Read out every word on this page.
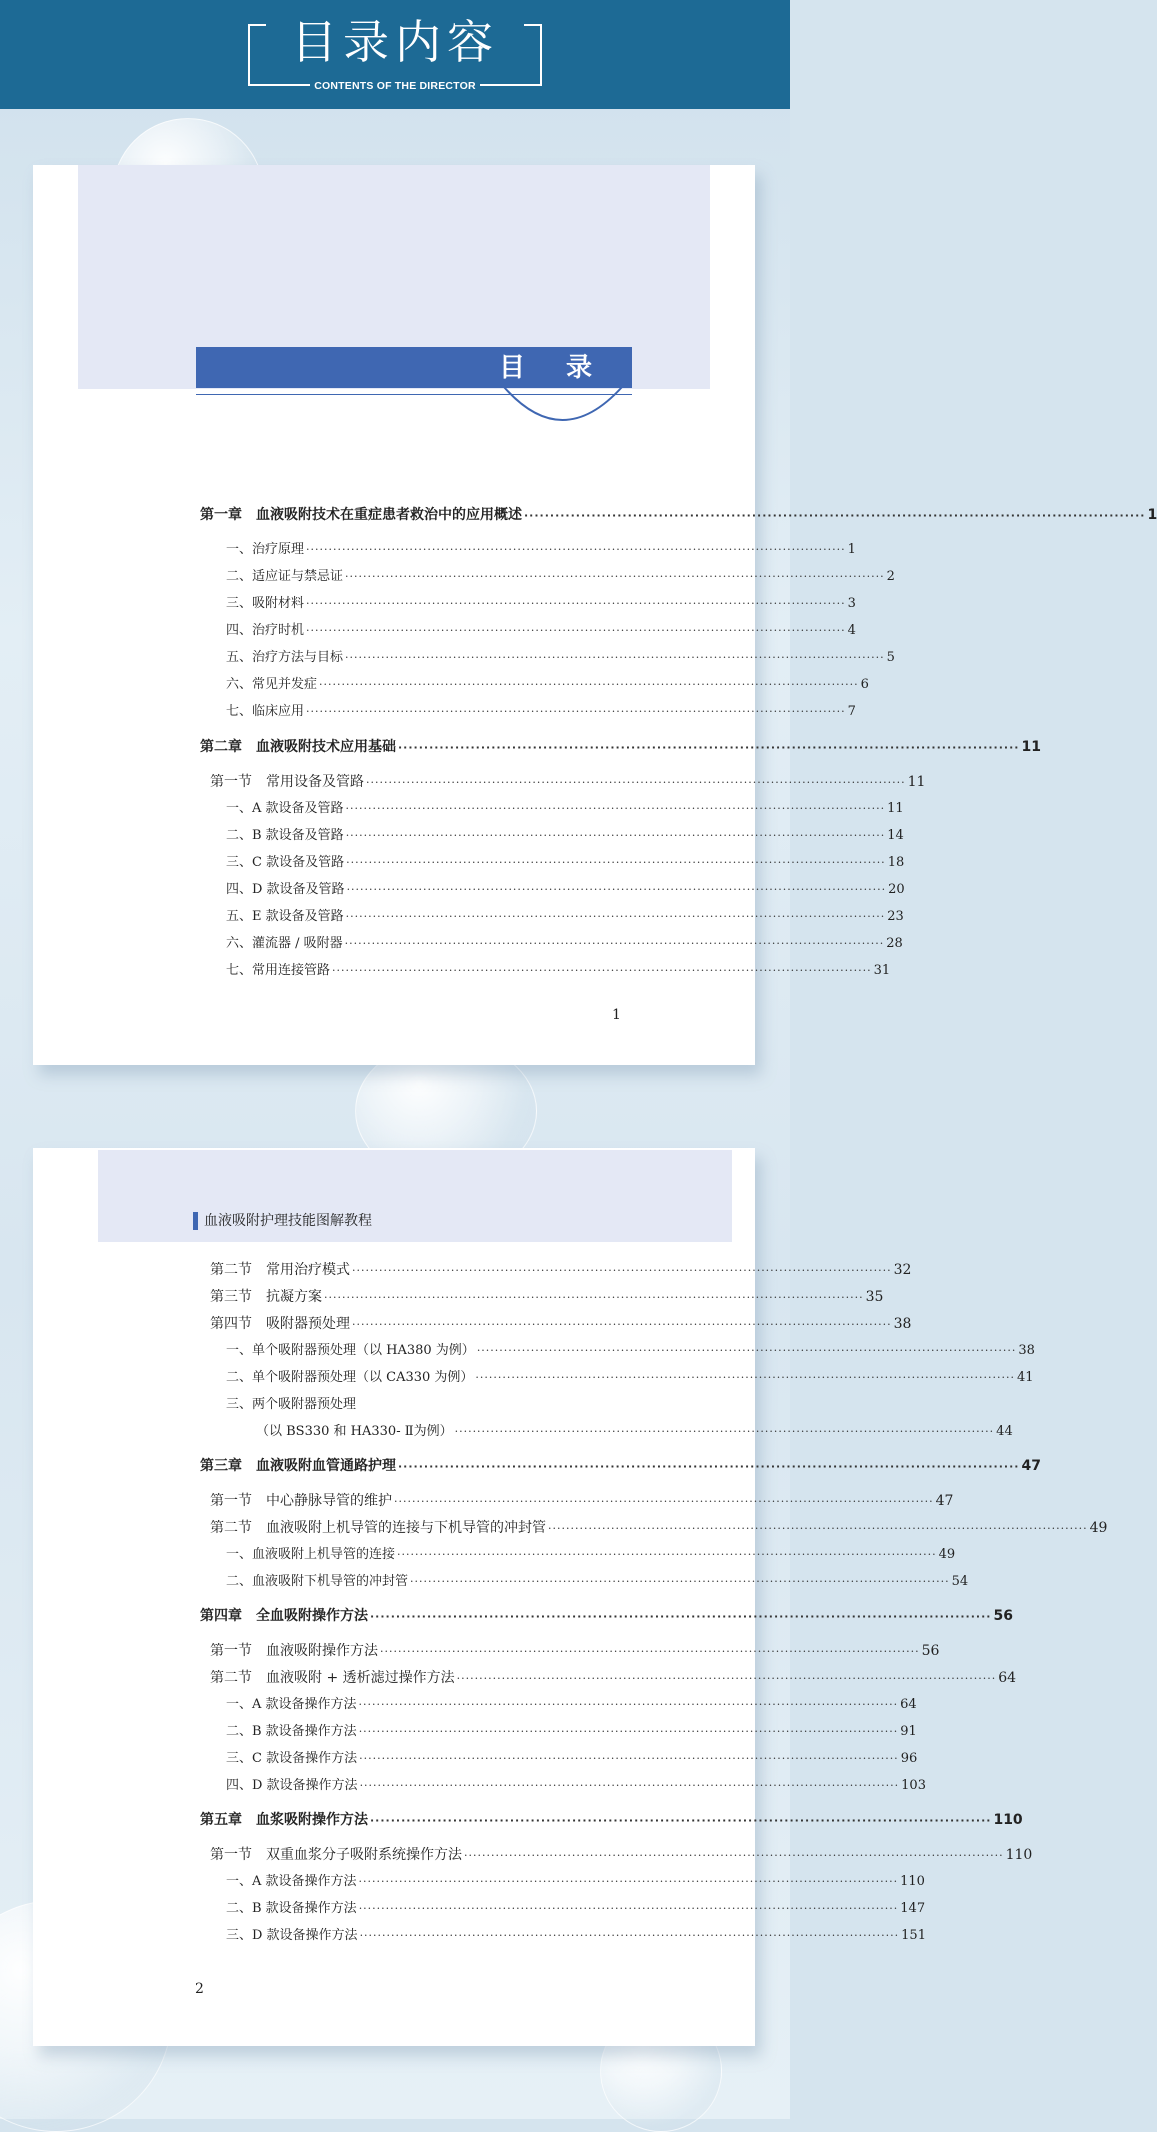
目录内容
CONTENTS OF THE DIRECTOR
目 录
第一章　血液吸附技术在重症患者救治中的应用概述 ························································································································ 1
一、治疗原理 ························································································································ 1
二、适应证与禁忌证 ························································································································ 2
三、吸附材料 ························································································································ 3
四、治疗时机 ························································································································ 4
五、治疗方法与目标 ························································································································ 5
六、常见并发症 ························································································································ 6
七、临床应用 ························································································································ 7
第二章　血液吸附技术应用基础 ························································································································ 11
第一节　常用设备及管路 ························································································································ 11
一、A 款设备及管路 ························································································································ 11
二、B 款设备及管路 ························································································································ 14
三、C 款设备及管路 ························································································································ 18
四、D 款设备及管路 ························································································································ 20
五、E 款设备及管路 ························································································································ 23
六、灌流器 / 吸附器 ························································································································ 28
七、常用连接管路 ························································································································ 31
1
血液吸附护理技能图解教程
第二节　常用治疗模式 ························································································································ 32
第三节　抗凝方案 ························································································································ 35
第四节　吸附器预处理 ························································································································ 38
一、单个吸附器预处理（以 HA380 为例） ························································································································ 38
二、单个吸附器预处理（以 CA330 为例） ························································································································ 41
三、两个吸附器预处理
（以 BS330 和 HA330- Ⅱ为例） ························································································································ 44
第三章　血液吸附血管通路护理 ························································································································ 47
第一节　中心静脉导管的维护 ························································································································ 47
第二节　血液吸附上机导管的连接与下机导管的冲封管 ························································································································ 49
一、血液吸附上机导管的连接 ························································································································ 49
二、血液吸附下机导管的冲封管 ························································································································ 54
第四章　全血吸附操作方法 ························································································································ 56
第一节　血液吸附操作方法 ························································································································ 56
第二节　血液吸附 + 透析滤过操作方法 ························································································································ 64
一、A 款设备操作方法 ························································································································ 64
二、B 款设备操作方法 ························································································································ 91
三、C 款设备操作方法 ························································································································ 96
四、D 款设备操作方法 ························································································································ 103
第五章　血浆吸附操作方法 ························································································································ 110
第一节　双重血浆分子吸附系统操作方法 ························································································································ 110
一、A 款设备操作方法 ························································································································ 110
二、B 款设备操作方法 ························································································································ 147
三、D 款设备操作方法 ························································································································ 151
2
